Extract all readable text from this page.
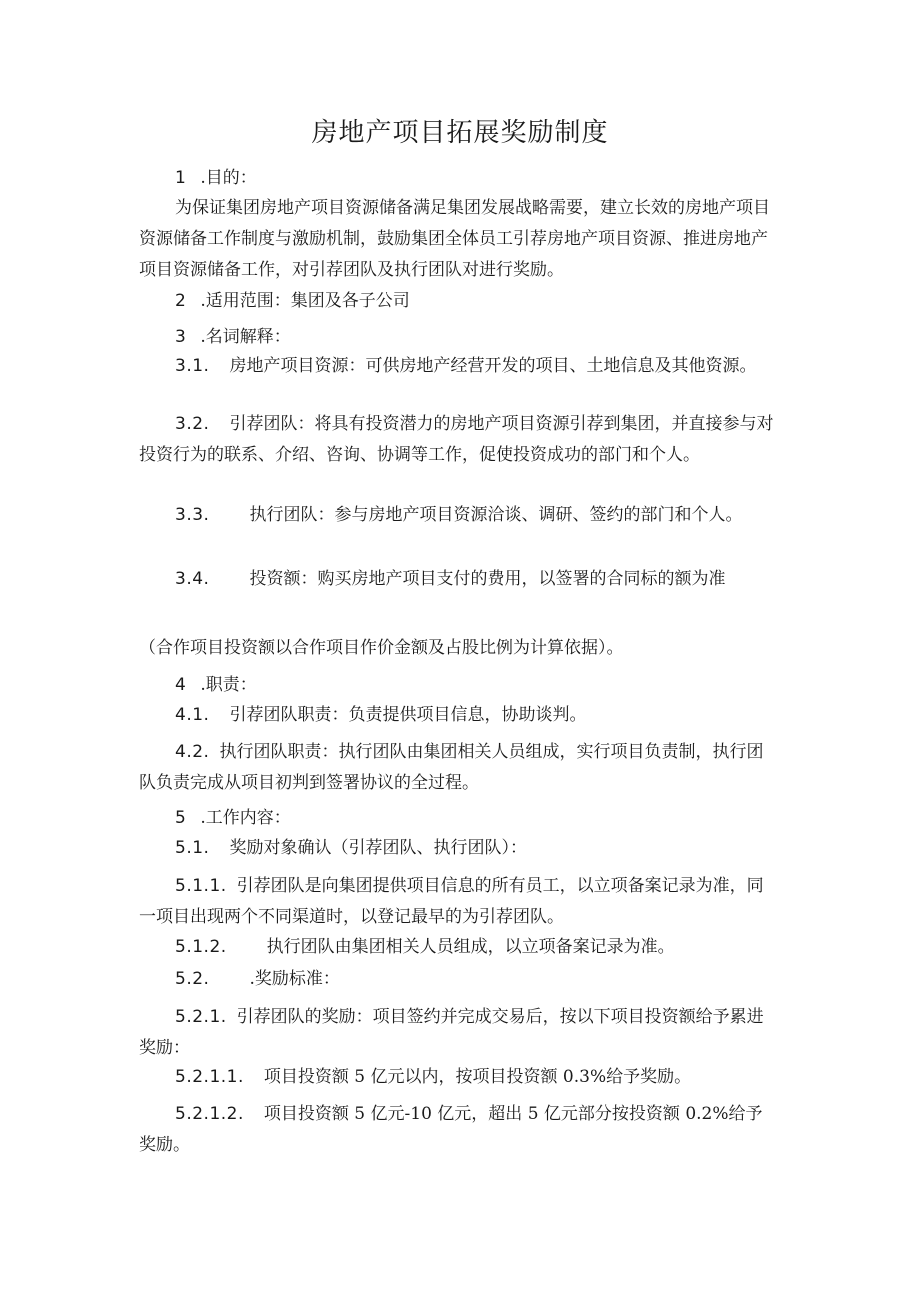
房地产项目拓展奖励制度

1 .目的：

为保证集团房地产项目资源储备满足集团发展战略需要，建立长效的房地产项目资源储备工作制度与激励机制，鼓励集团全体员工引荐房地产项目资源、推进房地产项目资源储备工作，对引荐团队及执行团队对进行奖励。

2 .适用范围：集团及各子公司

3 .名词解释：

3.1. 房地产项目资源：可供房地产经营开发的项目、土地信息及其他资源。

3.2. 引荐团队：将具有投资潜力的房地产项目资源引荐到集团，并直接参与对投资行为的联系、介绍、咨询、协调等工作，促使投资成功的部门和个人。

3.3. 执行团队：参与房地产项目资源洽谈、调研、签约的部门和个人。

3.4. 投资额：购买房地产项目支付的费用，以签署的合同标的额为准

（合作项目投资额以合作项目作价金额及占股比例为计算依据）。

4 .职责：

4.1. 引荐团队职责：负责提供项目信息，协助谈判。

4.2. 执行团队职责：执行团队由集团相关人员组成，实行项目负责制，执行团队负责完成从项目初判到签署协议的全过程。

5 .工作内容：

5.1. 奖励对象确认（引荐团队、执行团队）：

5.1.1. 引荐团队是向集团提供项目信息的所有员工，以立项备案记录为准，同一项目出现两个不同渠道时，以登记最早的为引荐团队。

5.1.2. 执行团队由集团相关人员组成，以立项备案记录为准。

5.2. .奖励标准：

5.2.1. 引荐团队的奖励：项目签约并完成交易后，按以下项目投资额给予累进奖励：

5.2.1.1. 项目投资额 5 亿元以内，按项目投资额 0.3%给予奖励。

5.2.1.2. 项目投资额 5 亿元-10 亿元，超出 5 亿元部分按投资额 0.2%给予奖励。
